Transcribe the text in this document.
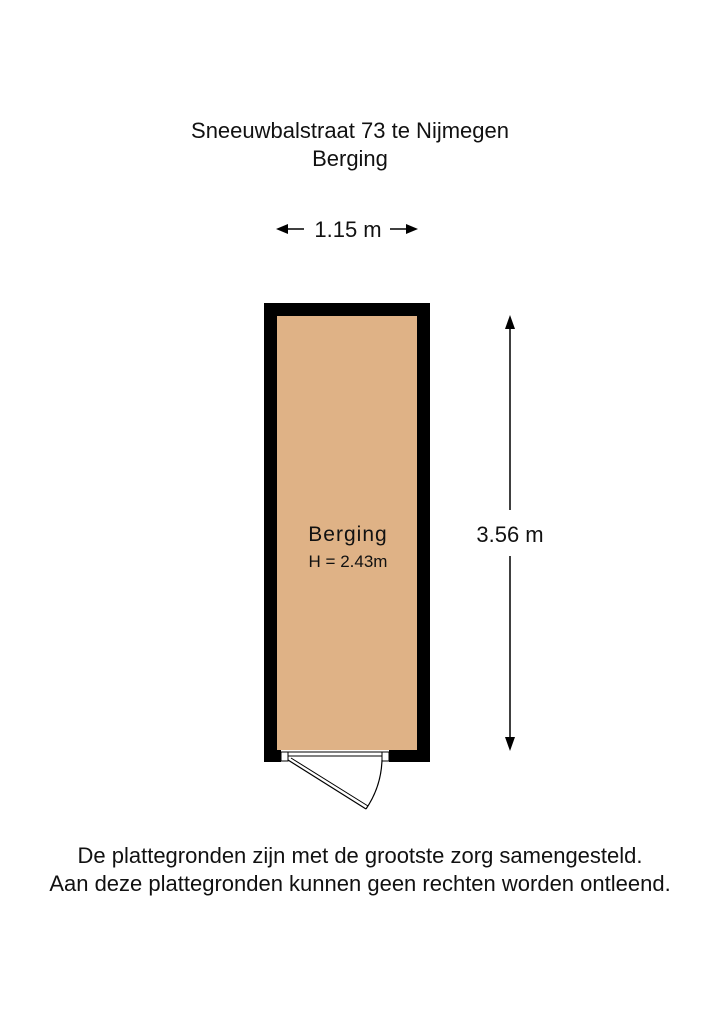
Sneeuwbalstraat 73 te Nijmegen
Berging
1.15 m
Berging
H = 2.43m
3.56 m
De plattegronden zijn met de grootste zorg samengesteld.
Aan deze plattegronden kunnen geen rechten worden ontleend.
